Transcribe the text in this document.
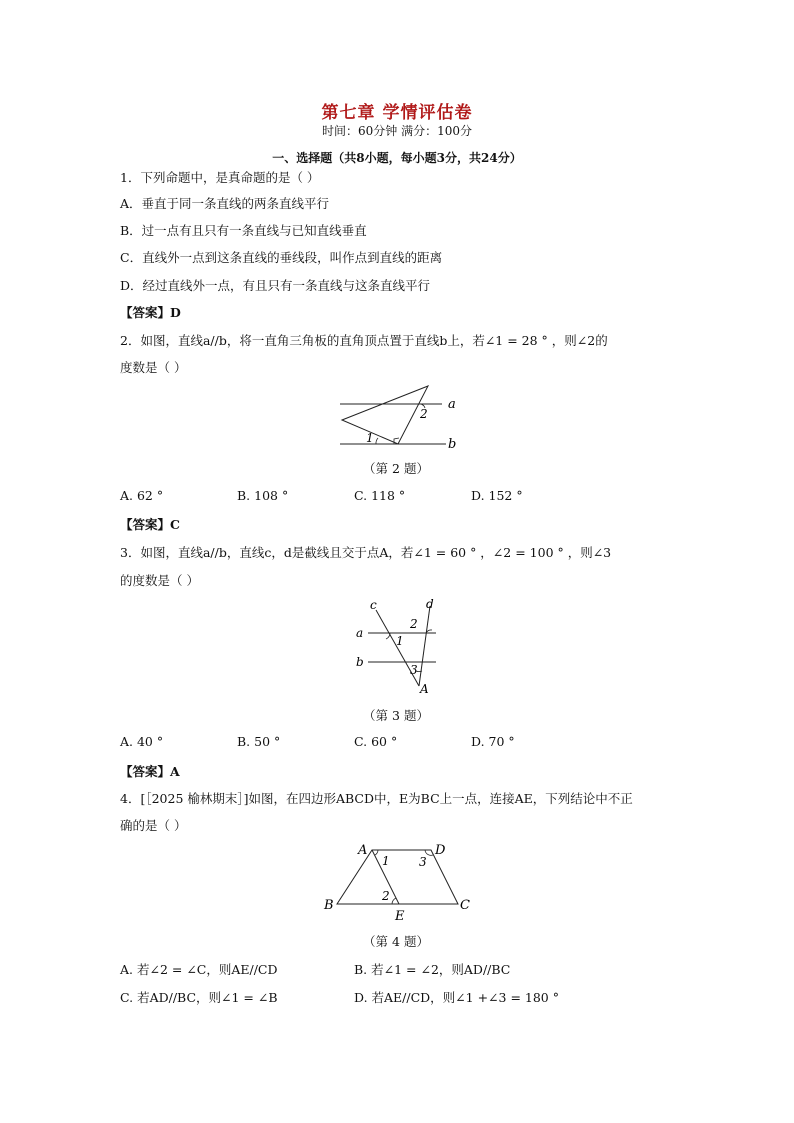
第七章 学情评估卷
时间：60分钟 满分：100分
一、选择题（共8小题，每小题3分，共24分）
1．下列命题中，是真命题的是（ ）
A．垂直于同一条直线的两条直线平行
B．过一点有且只有一条直线与已知直线垂直
C．直线外一点到这条直线的垂线段，叫作点到直线的距离
D．经过直线外一点，有且只有一条直线与这条直线平行
【答案】D
2．如图，直线a//b，将一直角三角板的直角顶点置于直线b上，若∠1 = 28 ° ，则∠2的
度数是（ ）
a
b
1
2
（第 2 题）
A. 62 °	B. 108 °	C. 118 °	D. 152 °
【答案】C
3．如图，直线a//b，直线c，d是截线且交于点A，若∠1 = 60 ° ，∠2 = 100 ° ，则∠3
的度数是（ ）
c	d
a
b
A
1
2
3
（第 3 题）
A. 40 °	B. 50 °	C. 60 °	D. 70 °
【答案】A
4．[［2025 榆林期末］]如图，在四边形ABCD中，E为BC上一点，连接AE，下列结论中不正
确的是（ ）
A	D
B	C
E
1
2
3
（第 4 题）
A. 若∠2 = ∠C，则AE//CD	B. 若∠1 = ∠2，则AD//BC
C. 若AD//BC，则∠1 = ∠B	D. 若AE//CD，则∠1 +∠3 = 180 °
